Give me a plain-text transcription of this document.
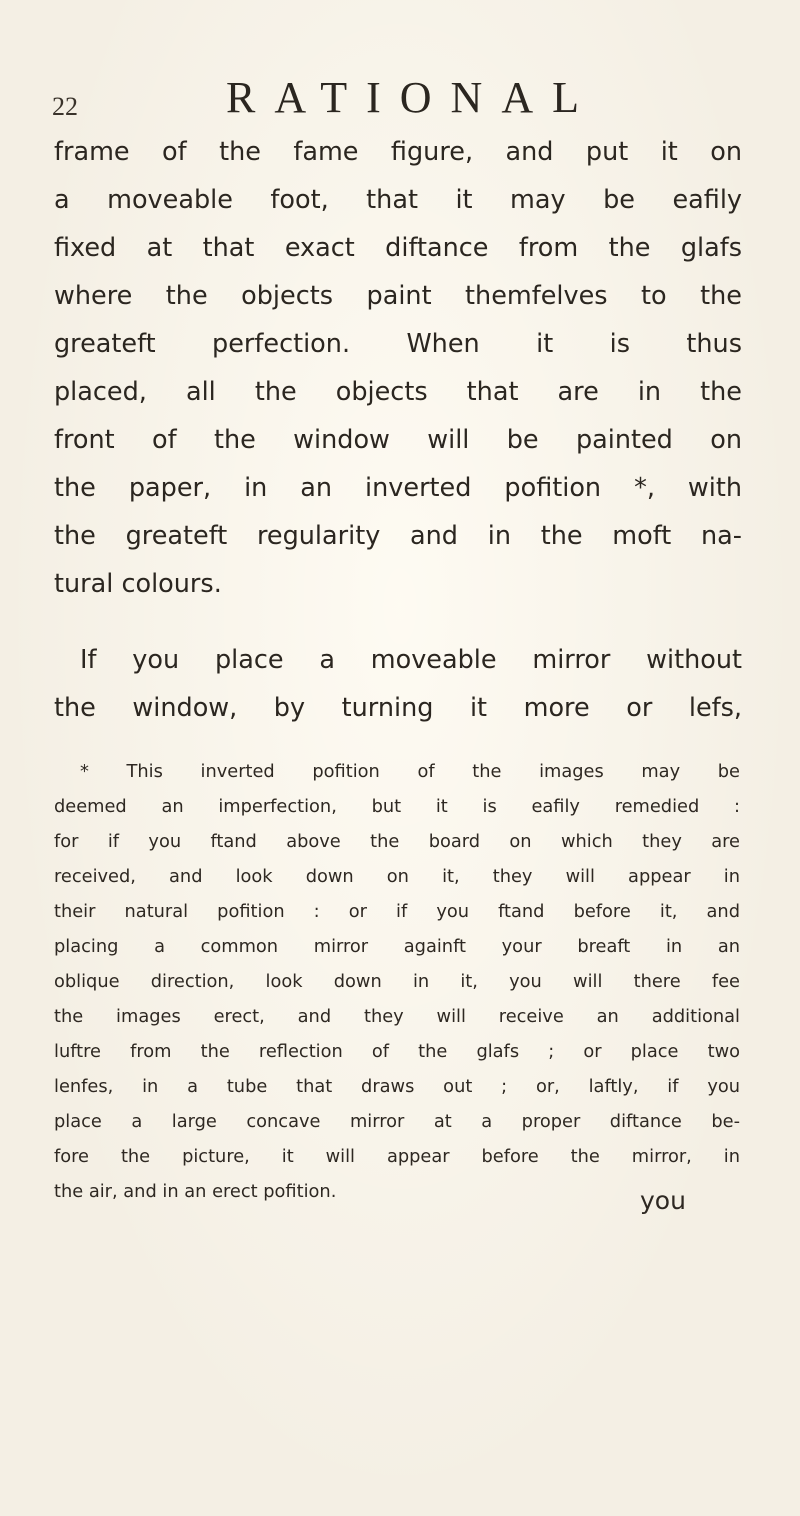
22	RATIONAL
frame of the fame figure, and put it on
a moveable foot, that it may be eafily
fixed at that exact diftance from the glafs
where the objects paint themfelves to the
greateft perfection. When it is thus
placed, all the objects that are in the
front of the window will be painted on
the paper, in an inverted pofition *, with
the greateft regularity and in the moft na-
tural colours.
If you place a moveable mirror without
the window, by turning it more or lefs,
* This inverted pofition of the images may be
deemed an imperfection, but it is eafily remedied :
for if you ftand above the board on which they are
received, and look down on it, they will appear in
their natural pofition : or if you ftand before it, and
placing a common mirror againft your breaft in an
oblique direction, look down in it, you will there fee
the images erect, and they will receive an additional
luftre from the reflection of the glafs ; or place two
lenfes, in a tube that draws out ; or, laftly, if you
place a large concave mirror at a proper diftance be-
fore the picture, it will appear before the mirror, in
the air, and in an erect pofition.	you
